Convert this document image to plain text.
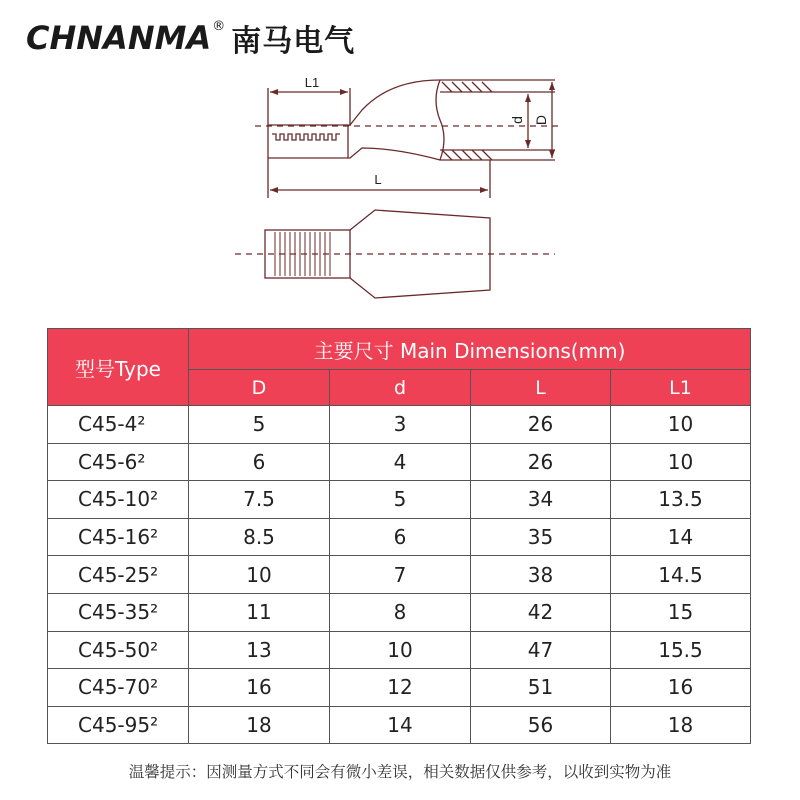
CHNANMA ® 南马电气
L1
L
d D
型号Type	主要尺寸 Main Dimensions(mm)			
	D	d	L	L1
C45-4²	5	3	26	10
C45-6²	6	4	26	10
C45-10²	7.5	5	34	13.5
C45-16²	8.5	6	35	14
C45-25²	10	7	38	14.5
C45-35²	11	8	42	15
C45-50²	13	10	47	15.5
C45-70²	16	12	51	16
C45-95²	18	14	56	18
温馨提示：因测量方式不同会有微小差误，相关数据仅供参考，以收到实物为准
